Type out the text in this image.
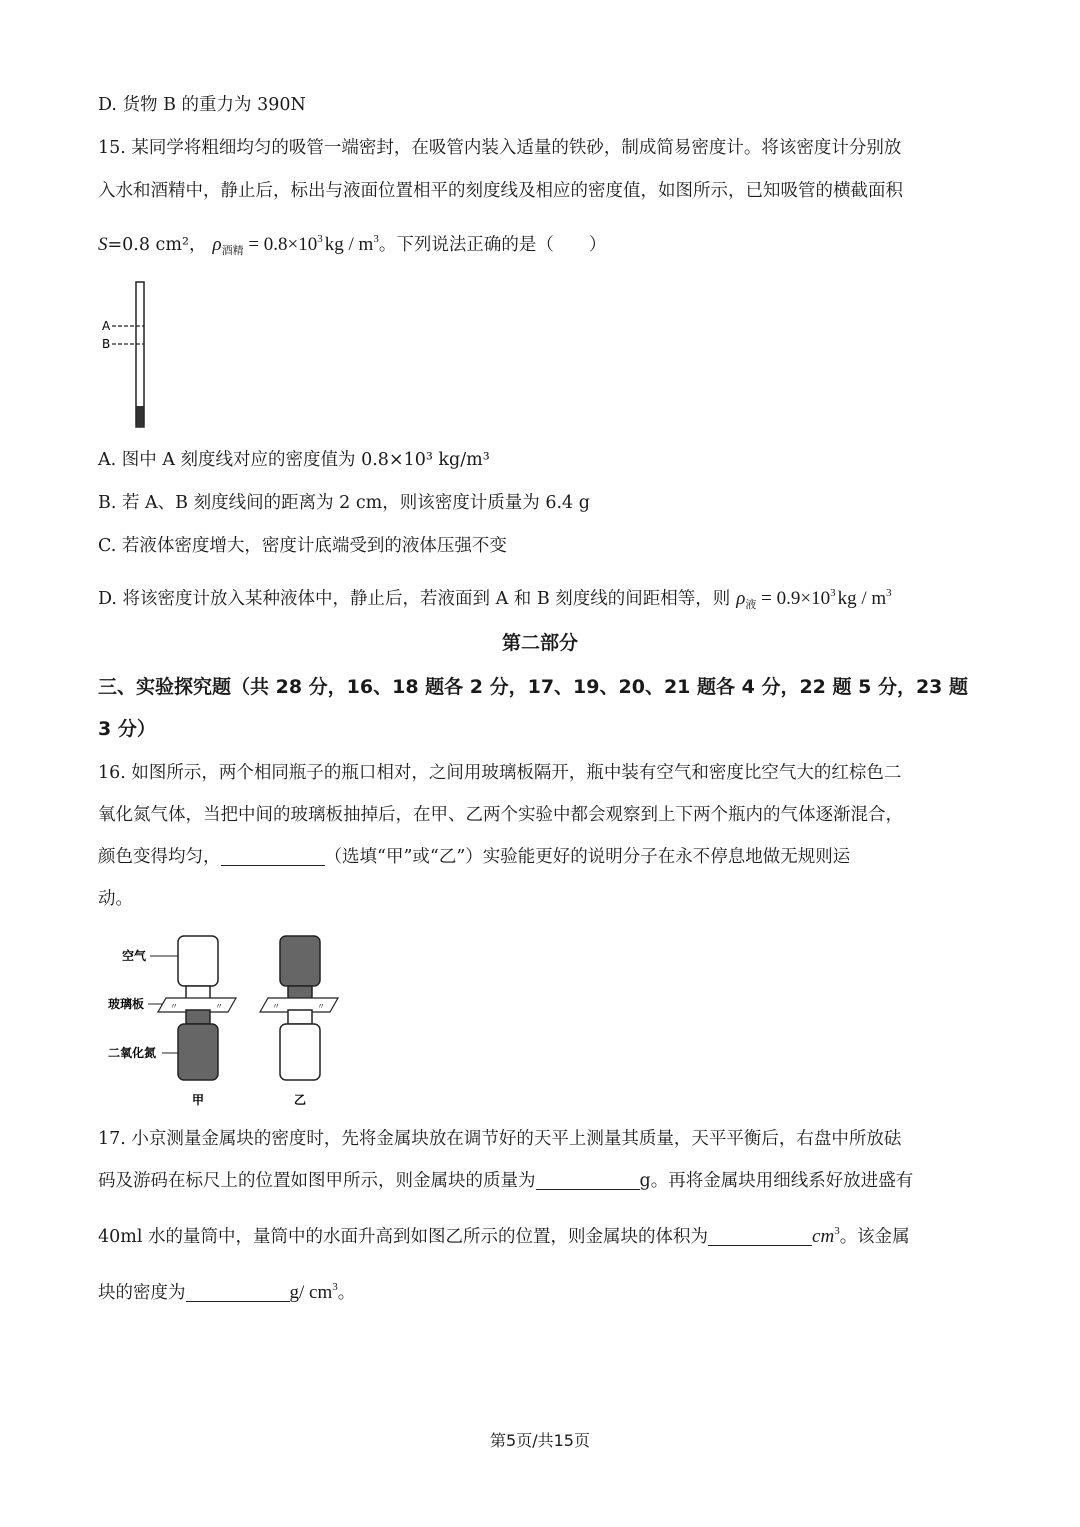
D. 货物 B 的重力为 390N
15. 某同学将粗细均匀的吸管一端密封，在吸管内装入适量的铁砂，制成简易密度计。将该密度计分别放
入水和酒精中，静止后，标出与液面位置相平的刻度线及相应的密度值，如图所示，已知吸管的横截面积
S=0.8 cm²， $\rho_{酒精} = 0.8\times 10^3$ kg / $m^3$。下列说法正确的是（　　）
A
B
A. 图中 A 刻度线对应的密度值为 0.8×10³ kg/m³
B. 若 A、B 刻度线间的距离为 2 cm，则该密度计质量为 6.4 g
C. 若液体密度增大，密度计底端受到的液体压强不变
D. 将该密度计放入某种液体中，静止后，若液面到 A 和 B 刻度线的间距相等，则 $\rho_液 = 0.9\times 10^3$ kg / $m^3$
第二部分
三、实验探究题（共 28 分，16、18 题各 2 分，17、19、20、21 题各 4 分，22 题 5 分，23 题
3 分）
16. 如图所示，两个相同瓶子的瓶口相对，之间用玻璃板隔开，瓶中装有空气和密度比空气大的红棕色二
氧化氮气体，当把中间的玻璃板抽掉后，在甲、乙两个实验中都会观察到上下两个瓶内的气体逐渐混合，
颜色变得均匀，	（选填“甲”或“乙”）实验能更好的说明分子在永不停息地做无规则运
动。
空气
玻璃板
二氧化氮
〃	〃
甲
〃	〃
乙
17. 小京测量金属块的密度时，先将金属块放在调节好的天平上测量其质量，天平平衡后，右盘中所放砝
码及游码在标尺上的位置如图甲所示，则金属块的质量为	g。再将金属块用细线系好放进盛有
40ml 水的量筒中，量筒中的水面升高到如图乙所示的位置，则金属块的体积为	$cm^3$。该金属
块的密度为	g/ $cm^3$。
第5页/共15页
